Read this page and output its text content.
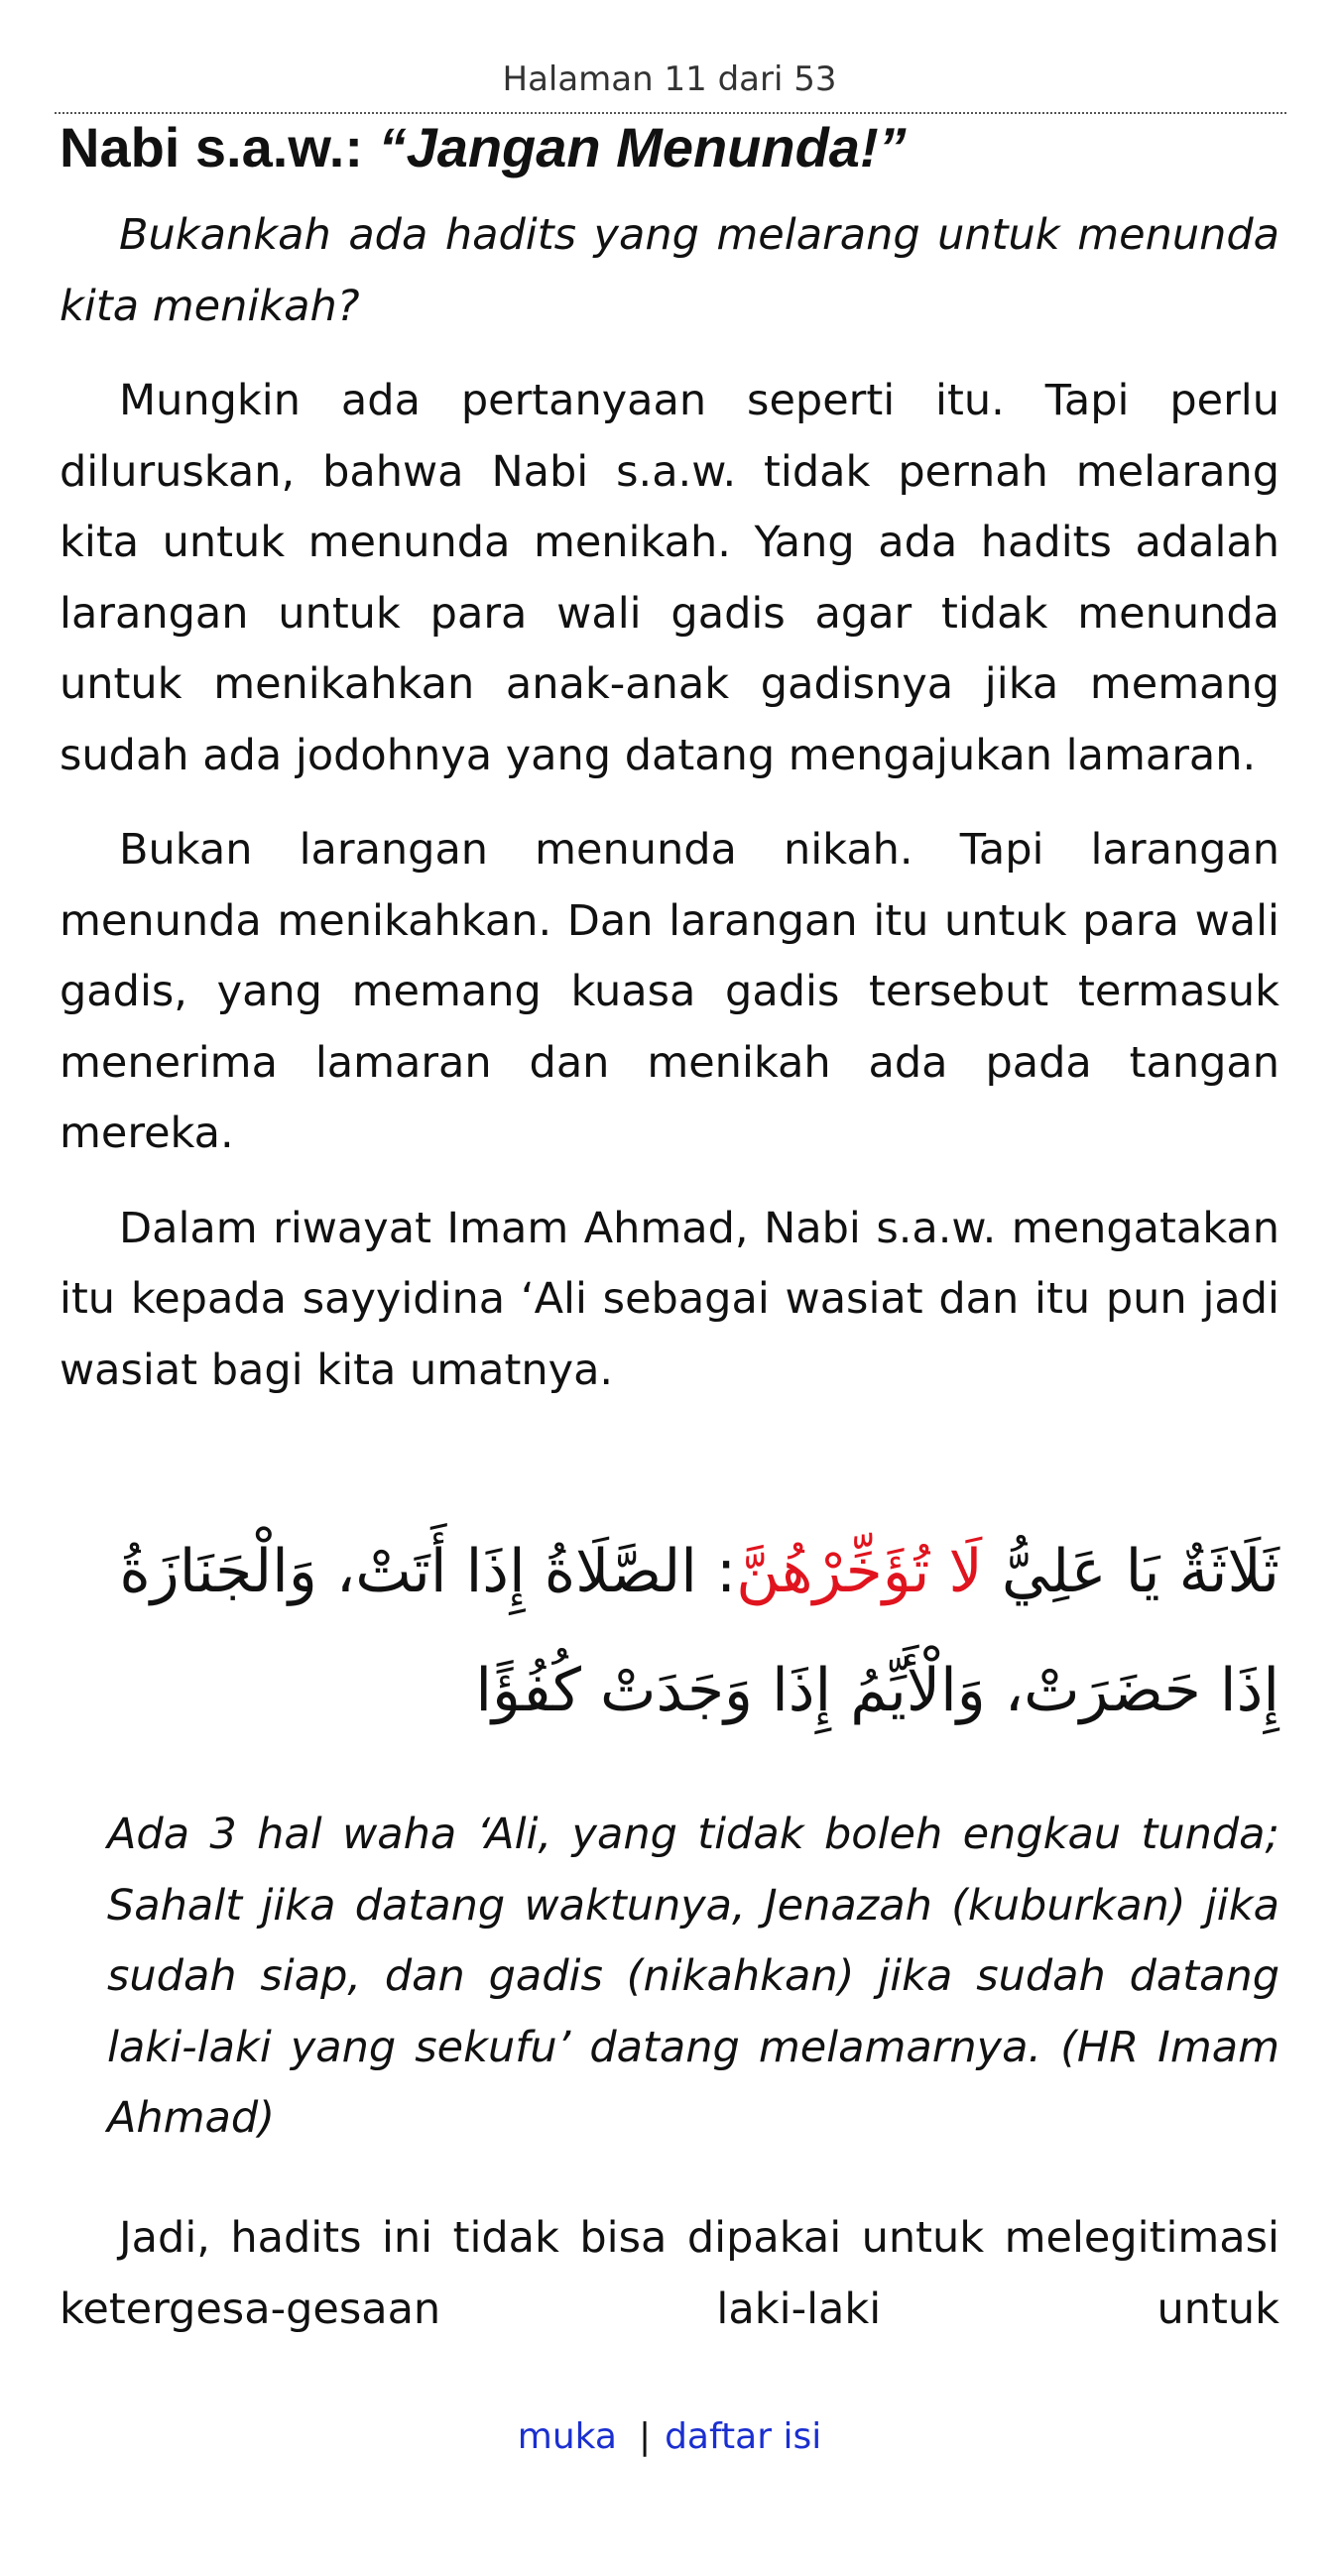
Halaman 11 dari 53
Nabi s.a.w.: “Jangan Menunda!”

Bukankah ada hadits yang melarang untuk menunda kita menikah?

Mungkin ada pertanyaan seperti itu. Tapi perlu diluruskan, bahwa Nabi s.a.w. tidak pernah melarang kita untuk menunda menikah. Yang ada hadits adalah larangan untuk para wali gadis agar tidak menunda untuk menikahkan anak-anak gadisnya jika memang sudah ada jodohnya yang datang mengajukan lamaran.

Bukan larangan menunda nikah. Tapi larangan menunda menikahkan. Dan larangan itu untuk para wali gadis, yang memang kuasa gadis tersebut termasuk menerima lamaran dan menikah ada pada tangan mereka.

Dalam riwayat Imam Ahmad, Nabi s.a.w. mengatakan itu kepada sayyidina ‘Ali sebagai wasiat dan itu pun jadi wasiat bagi kita umatnya.

ثَلَاثَةٌ يَا عَلِيُّ لَا تُؤَخِّرْهُنَّ: الصَّلَاةُ إِذَا أَتَتْ، وَالْجَنَازَةُ إِذَا حَضَرَتْ، وَالْأَيِّمُ إِذَا وَجَدَتْ كُفُؤًا

Ada 3 hal waha ‘Ali, yang tidak boleh engkau tunda; Sahalt jika datang waktunya, Jenazah (kuburkan) jika sudah siap, dan gadis (nikahkan) jika sudah datang laki-laki yang sekufu’ datang melamarnya. (HR Imam Ahmad)

Jadi, hadits ini tidak bisa dipakai untuk melegitimasi ketergesa-gesaan laki-laki untuk

muka | daftar isi
